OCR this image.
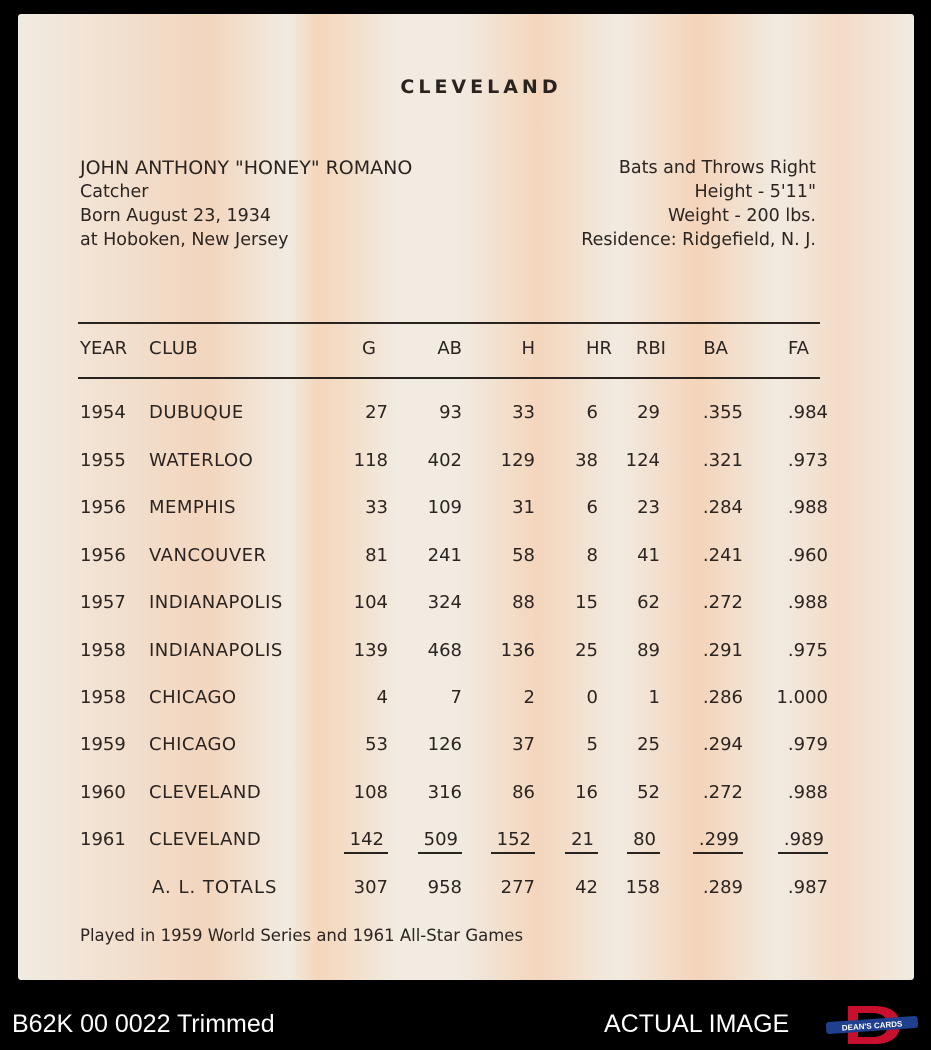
CLEVELAND
JOHN ANTHONY "HONEY" ROMANO
Catcher
Born August 23, 1934
at Hoboken, New Jersey
Bats and Throws Right
Height - 5'11"
Weight - 200 lbs.
Residence: Ridgefield, N. J.
YEAR CLUB	G	AB	H	HR RBI BA	FA
1954 DUBUQUE	27	93	33	6 29 .355 .984
1955 WATERLOO	118 402 129 38 124 .321 .973
1956 MEMPHIS	33 109	31	6 23 .284 .988
1956 VANCOUVER	81 241	58	8 41 .241 .960
1957 INDIANAPOLIS	104 324	88 15 62 .272 .988
1958 INDIANAPOLIS	139 468 136 25 89 .291 .975
1958 CHICAGO	4	7	2	0	1 .286 1.000
1959 CHICAGO	53 126	37	5 25 .294 .979
1960 CLEVELAND	108 316	86 16 52 .272 .988
1961 CLEVELAND	142	509	152	21	80	.299	.989
A. L. TOTALS	307 958 277 42 158 .289 .987
Played in 1959 World Series and 1961 All-Star Games
B62K 00 0022 Trimmed	ACTUAL IMAGE	DEAN'S CARDS
